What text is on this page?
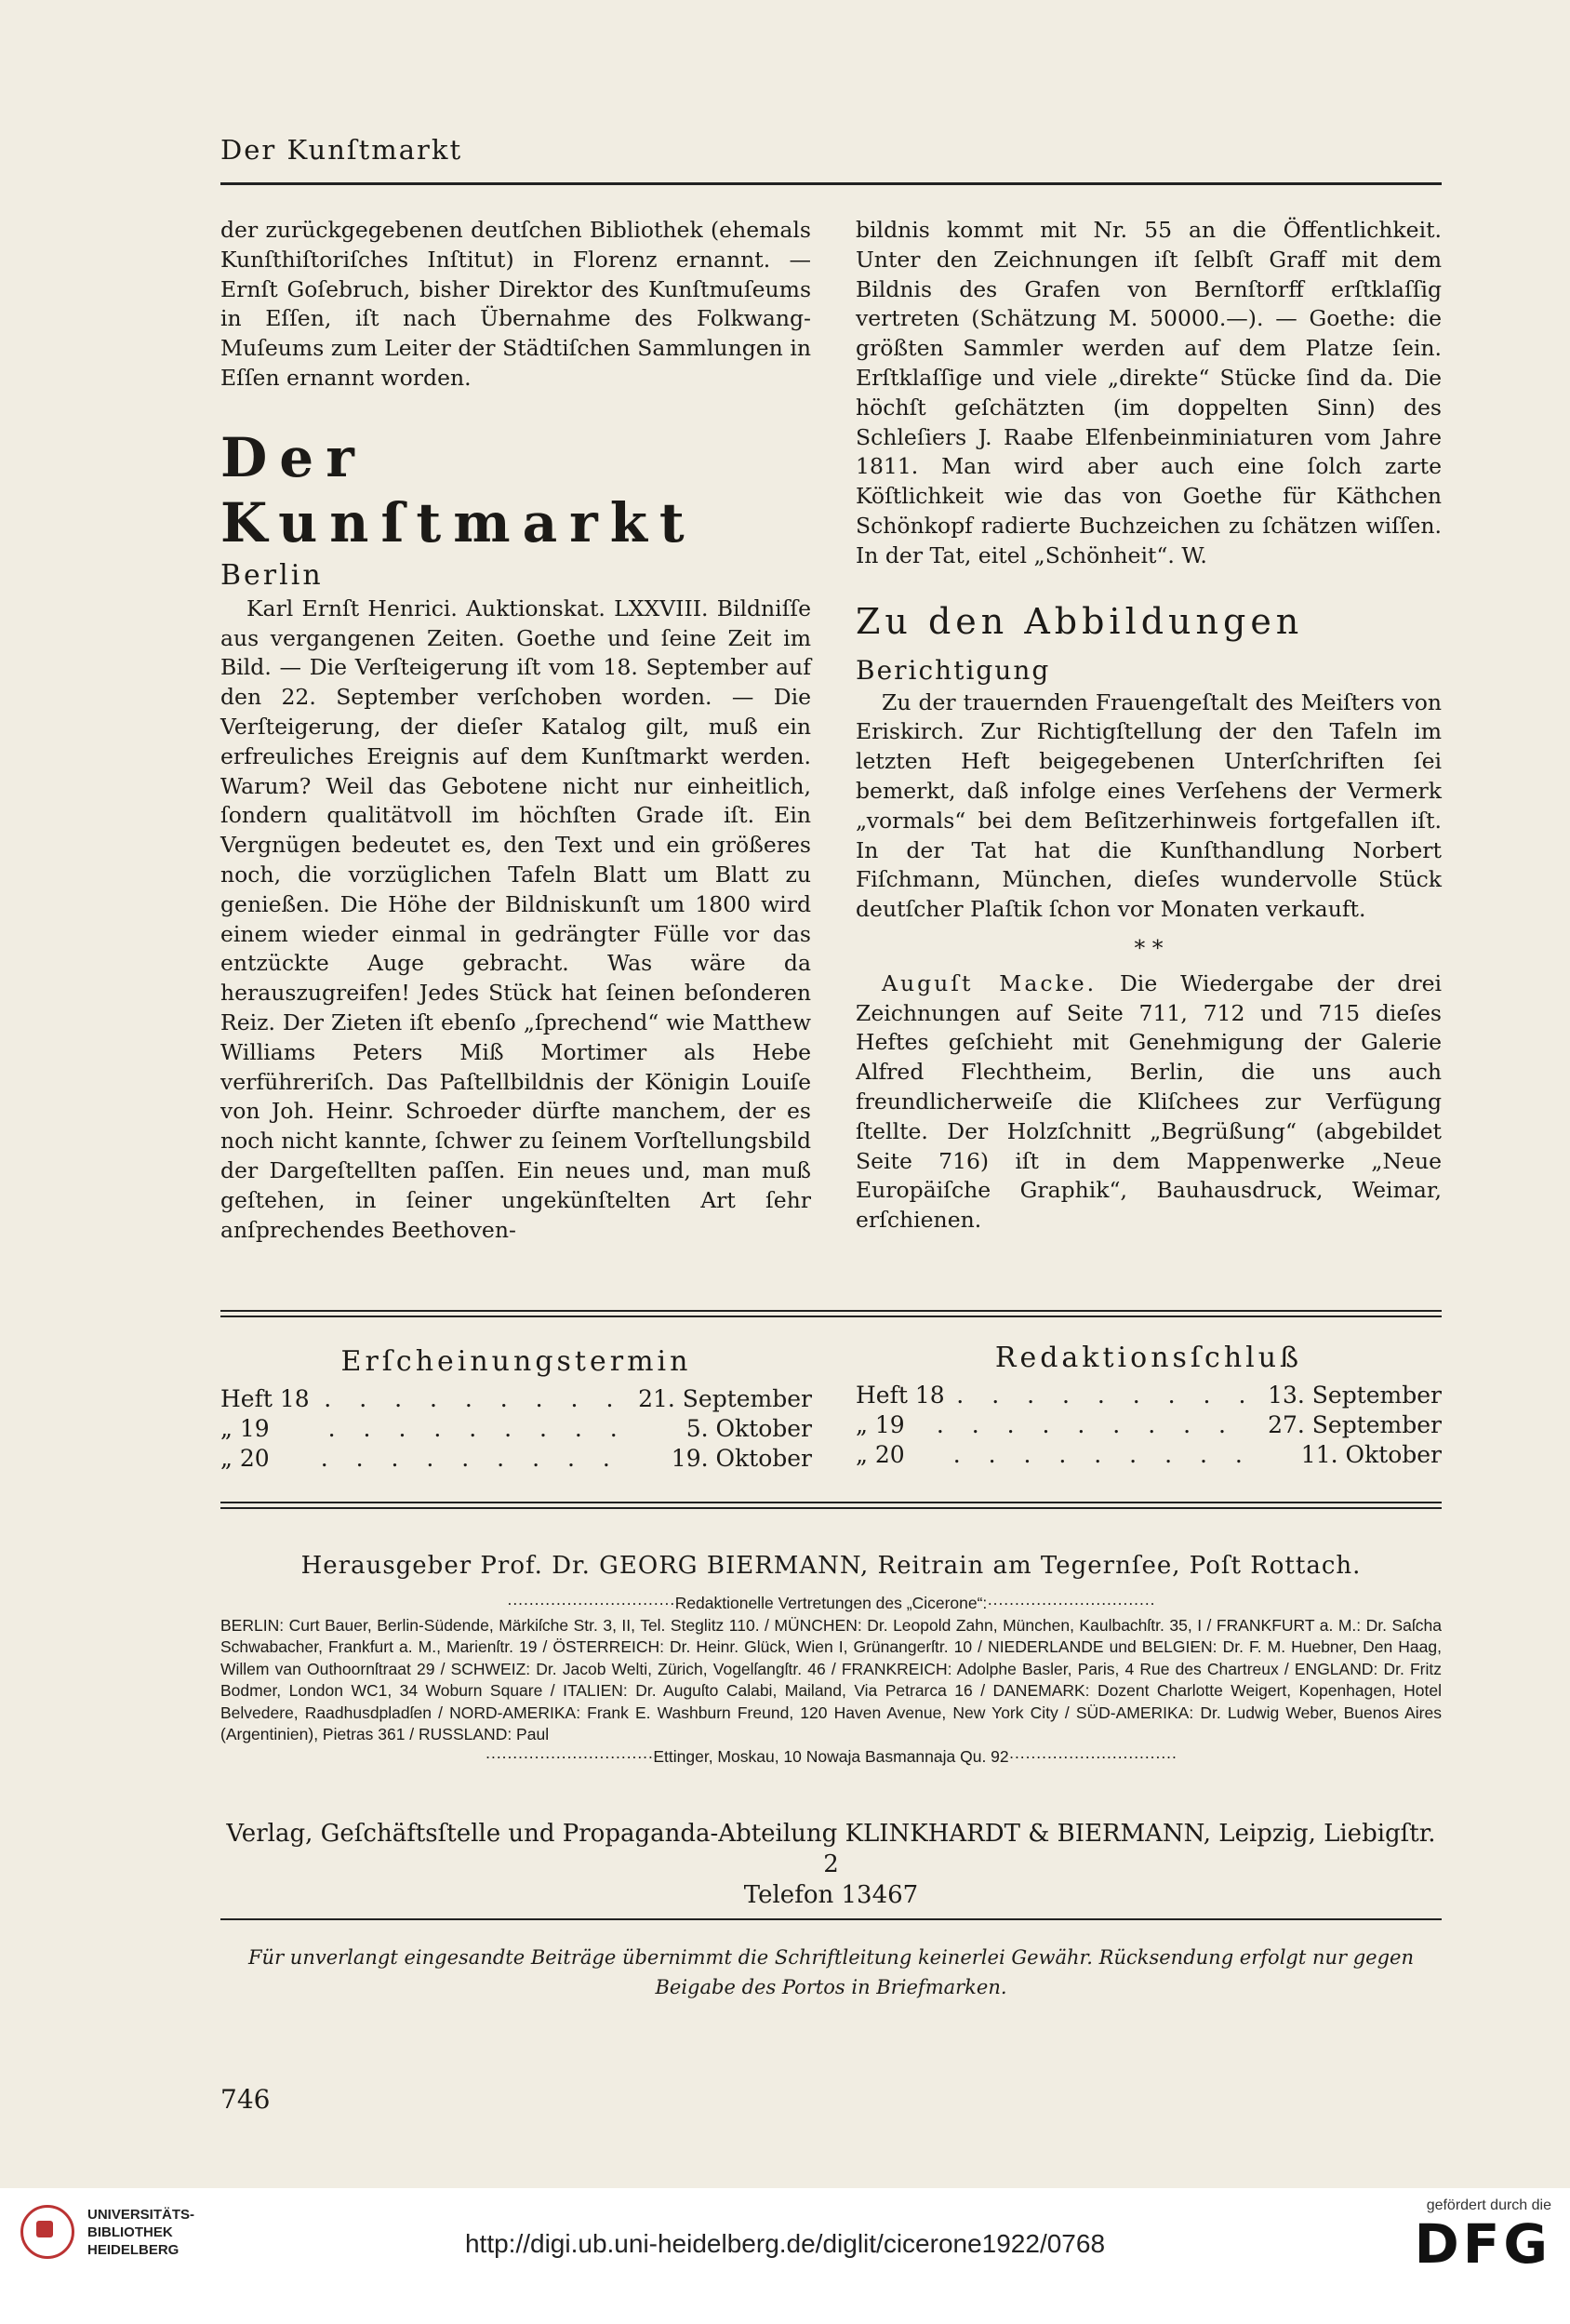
Der Kunſtmarkt

der zurückgegebenen deutſchen Bibliothek (ehemals Kunſthiſtoriſches Inſtitut) in Florenz ernannt. — Ernſt Goſebruch, bisher Direktor des Kunſtmuſeums in Eſſen, iſt nach Übernahme des Folkwang-Muſeums zum Leiter der Städtiſchen Sammlungen in Eſſen ernannt worden.

Der Kunſtmarkt
Berlin

Karl Ernſt Henrici. Auktionskat. LXXVIII. Bildniſſe aus vergangenen Zeiten. Goethe und ſeine Zeit im Bild. — Die Verſteigerung iſt vom 18. September auf den 22. September verſchoben worden. — Die Verſteigerung, der dieſer Katalog gilt, muß ein erfreuliches Ereignis auf dem Kunſtmarkt werden. Warum? Weil das Gebotene nicht nur einheitlich, ſondern qualitätvoll im höchſten Grade iſt. Ein Vergnügen bedeutet es, den Text und ein größeres noch, die vorzüglichen Tafeln Blatt um Blatt zu genießen. Die Höhe der Bildniskunſt um 1800 wird einem wieder einmal in gedrängter Fülle vor das entzückte Auge gebracht. Was wäre da herauszugreifen! Jedes Stück hat ſeinen beſonderen Reiz. Der Zieten iſt ebenſo „ſprechend“ wie Matthew Williams Peters Miß Mortimer als Hebe verführeriſch. Das Paſtellbildnis der Königin Louiſe von Joh. Heinr. Schroeder dürfte manchem, der es noch nicht kannte, ſchwer zu ſeinem Vorſtellungsbild der Dargeſtellten paſſen. Ein neues und, man muß geſtehen, in ſeiner ungekünſtelten Art ſehr anſprechendes Beethoven-

bildnis kommt mit Nr. 55 an die Öffentlichkeit. Unter den Zeichnungen iſt ſelbſt Graff mit dem Bildnis des Grafen von Bernſtorff erſtklaſſig vertreten (Schätzung M. 50000.—). — Goethe: die größten Sammler werden auf dem Platze ſein. Erſtklaſſige und viele „direkte“ Stücke ſind da. Die höchſt geſchätzten (im doppelten Sinn) des Schleſiers J. Raabe Elfenbeinminiaturen vom Jahre 1811. Man wird aber auch eine ſolch zarte Köſtlichkeit wie das von Goethe für Käthchen Schönkopf radierte Buchzeichen zu ſchätzen wiſſen. In der Tat, eitel „Schönheit“. W.

Zu den Abbildungen
Berichtigung

Zu der trauernden Frauengeſtalt des Meiſters von Eriskirch. Zur Richtigſtellung der den Tafeln im letzten Heft beigegebenen Unterſchriften ſei bemerkt, daß infolge eines Verſehens der Vermerk „vormals“ bei dem Beſitzerhinweis fortgefallen iſt. In der Tat hat die Kunſthandlung Norbert Fiſchmann, München, dieſes wundervolle Stück deutſcher Plaſtik ſchon vor Monaten verkauft.

* *

Auguſt Macke. Die Wiedergabe der drei Zeichnungen auf Seite 711, 712 und 715 dieſes Heftes geſchieht mit Genehmigung der Galerie Alfred Flechtheim, Berlin, die uns auch freundlicherweiſe die Kliſchees zur Verfügung ſtellte. Der Holzſchnitt „Begrüßung“ (abgebildet Seite 716) iſt in dem Mappenwerke „Neue Europäiſche Graphik“, Bauhausdruck, Weimar, erſchienen.

Erſcheinungstermin
Heft 18 . . . . . . . . . 21. September
„ 19	. . . . . . . . .	5. Oktober
„ 20	. . . . . . . . .	19. Oktober
Redaktionsſchluß
Heft 18 . . . . . . . . . 13. September
„ 19	. . . . . . . . .	27. September
„ 20	. . . . . . . . .	11. Oktober
Herausgeber Prof. Dr. GEORG BIERMANN, Reitrain am Tegernſee, Poſt Rottach.
·······························Redaktionelle Vertretungen des „Cicerone“:·······························

BERLIN: Curt Bauer, Berlin-Südende, Märkiſche Str. 3, II, Tel. Steglitz 110. / MÜNCHEN: Dr. Leopold Zahn, München, Kaulbachſtr. 35, I / FRANKFURT a. M.: Dr. Saſcha Schwabacher, Frankfurt a. M., Marienſtr. 19 / ÖSTERREICH: Dr. Heinr. Glück, Wien I, Grünangerſtr. 10 / NIEDERLANDE und BELGIEN: Dr. F. M. Huebner, Den Haag, Willem van Outhoornſtraat 29 / SCHWEIZ: Dr. Jacob Welti, Zürich, Vogelſangſtr. 46 / FRANKREICH: Adolphe Basler, Paris, 4 Rue des Chartreux / ENGLAND: Dr. Fritz Bodmer, London WC1, 34 Woburn Square / ITALIEN: Dr. Auguſto Calabi, Mailand, Via Petrarca 16 / DANEMARK: Dozent Charlotte Weigert, Kopenhagen, Hotel Belvedere, Raadhusdpladſen / NORD-AMERIKA: Frank E. Washburn Freund, 120 Haven Avenue, New York City / SÜD-AMERIKA: Dr. Ludwig Weber, Buenos Aires (Argentinien), Pietras 361 / RUSSLAND: Paul

·······························Ettinger, Moskau, 10 Nowaja Basmannaja Qu. 92·······························
Verlag, Geſchäftsſtelle und Propaganda-Abteilung KLINKHARDT & BIERMANN, Leipzig, Liebigſtr. 2
Telefon 13467
Für unverlangt eingesandte Beiträge übernimmt die Schriftleitung keinerlei Gewähr. Rücksendung erfolgt nur gegen
Beigabe des Portos in Briefmarken.
746
UNIVERSITÄTS-
BIBLIOTHEK
HEIDELBERG	http://digi.ub.uni-heidelberg.de/diglit/cicerone1922/0768
gefördert durch die
DFG
